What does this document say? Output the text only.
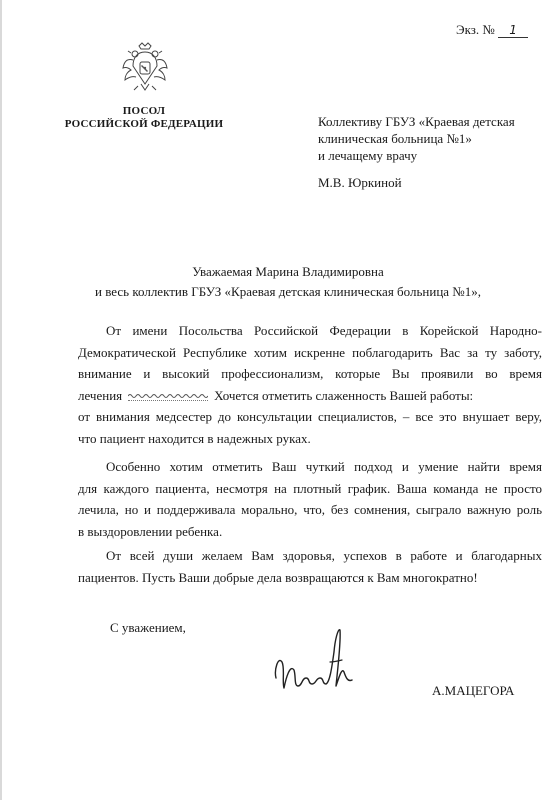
Экз. № 1
ПОСОЛ
РОССИЙСКОЙ ФЕДЕРАЦИИ	Коллективу ГБУЗ «Краевая детская
клиническая больница №1»
и лечащему врачу
М.В. Юркиной
Уважаемая Марина Владимировна
и весь коллектив ГБУЗ «Краевая детская клиническая больница №1»,
От имени Посольства Российской Федерации в Корейской Народно-
Демократической Республике хотим искренне поблагодарить Вас за ту заботу,
внимание и высокий профессионализм, которые Вы проявили во время
лечения	Хочется отметить слаженность Вашей работы:
от внимания медсестер до консультации специалистов, – все это внушает веру,
что пациент находится в надежных руках.
Особенно хотим отметить Ваш чуткий подход и умение найти время
для каждого пациента, несмотря на плотный график. Ваша команда не просто
лечила, но и поддерживала морально, что, без сомнения, сыграло важную роль
в выздоровлении ребенка.
От всей души желаем Вам здоровья, успехов в работе и благодарных
пациентов. Пусть Ваши добрые дела возвращаются к Вам многократно!
С уважением,
А.МАЦЕГОРА
